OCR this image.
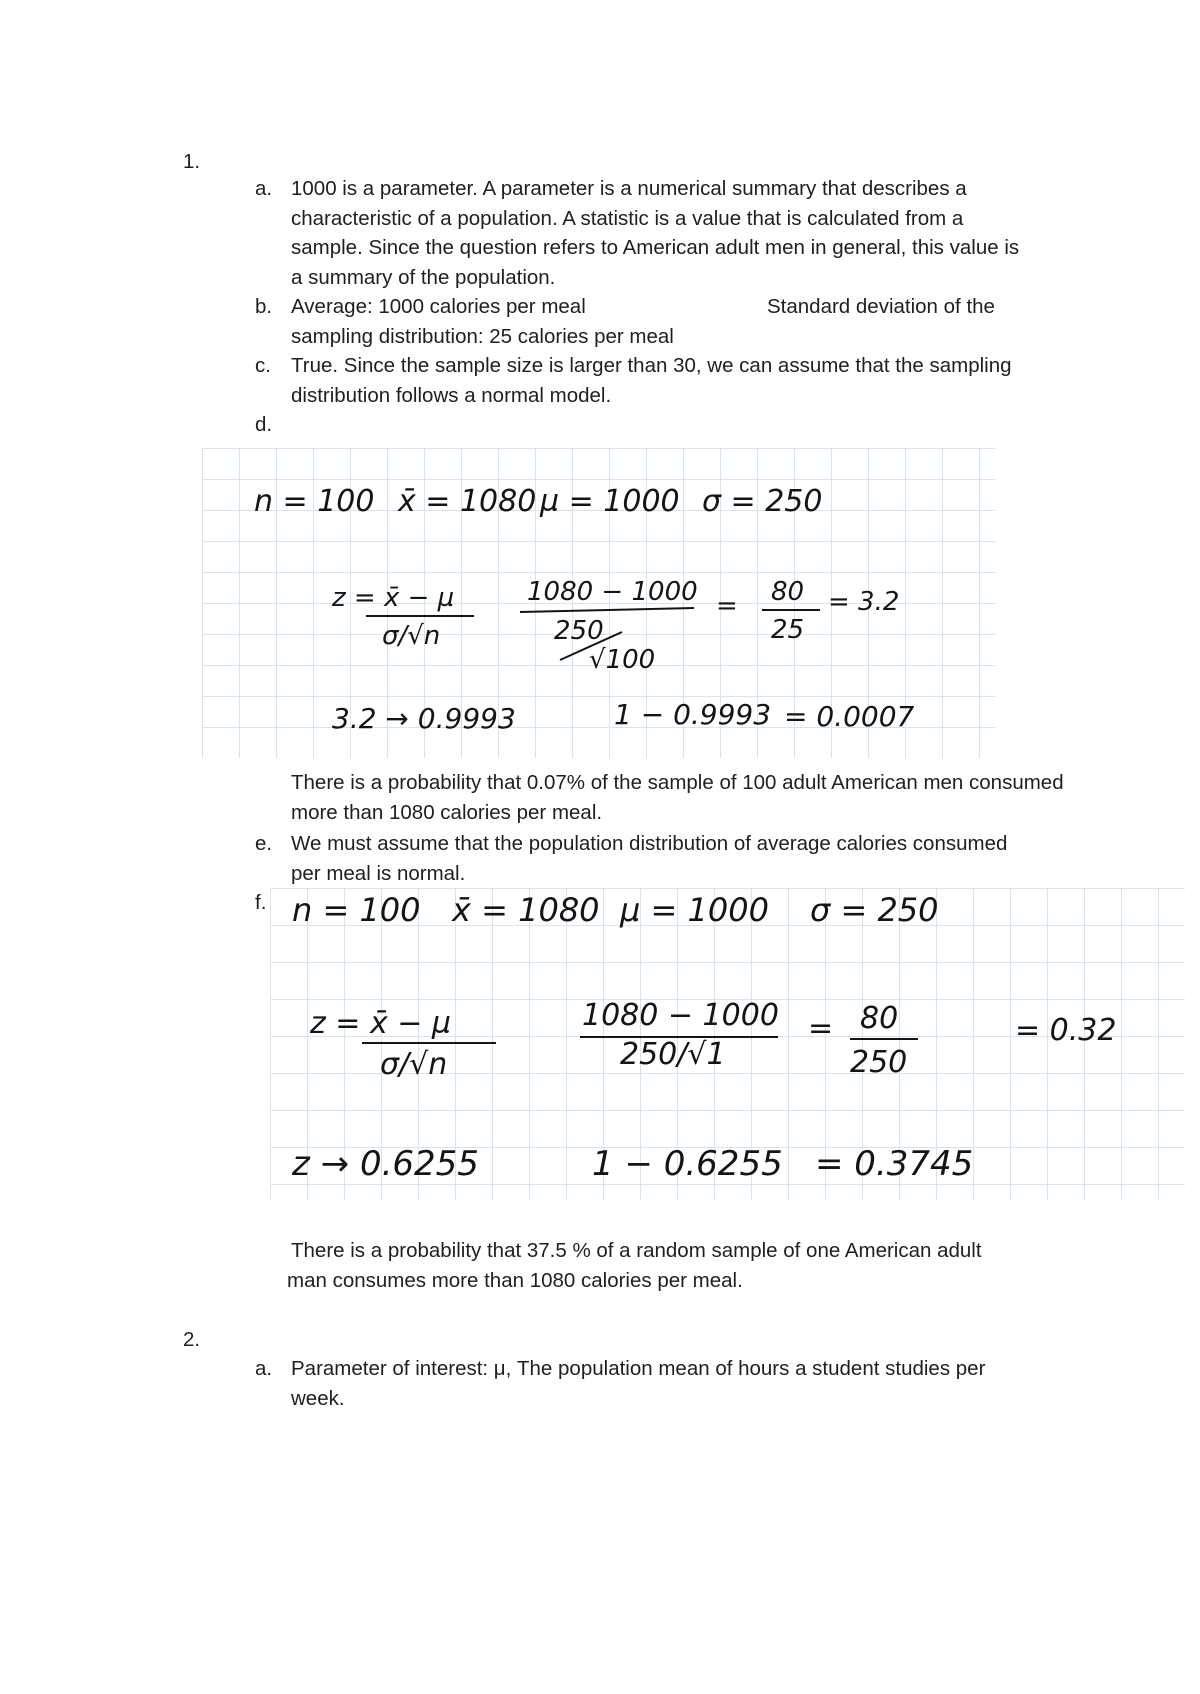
1.
a. 1000 is a parameter. A parameter is a numerical summary that describes a characteristic of a population. A statistic is a value that is calculated from a sample. Since the question refers to American adult men in general, this value is a summary of the population.
b. Average: 1000 calories per meal	Standard deviation of the
sampling distribution: 25 calories per meal
c. True. Since the sample size is larger than 30, we can assume that the sampling distribution follows a normal model.
d.
n = 100 x̄ = 1080 µ = 1000 σ = 250
z = x̄ − µ
σ/√n
1080 − 1000
250
√100
= 80
25
= 3.2
3.2 → 0.9993	1 − 0.9993 = 0.0007
There is a probability that 0.07% of the sample of 100 adult American men consumed more than 1080 calories per meal.
e. We must assume that the population distribution of average calories consumed per meal is normal.
f. n = 100 x̄ = 1080 µ = 1000 σ = 250
z = x̄ − µ
σ/√n
1080 − 1000
250/√1
= 80
250
= 0.32
z → 0.6255	1 − 0.6255 = 0.3745
There is a probability that 37.5 % of a random sample of one American adult
man consumes more than 1080 calories per meal.
2.
a. Parameter of interest: μ, The population mean of hours a student studies per week.
